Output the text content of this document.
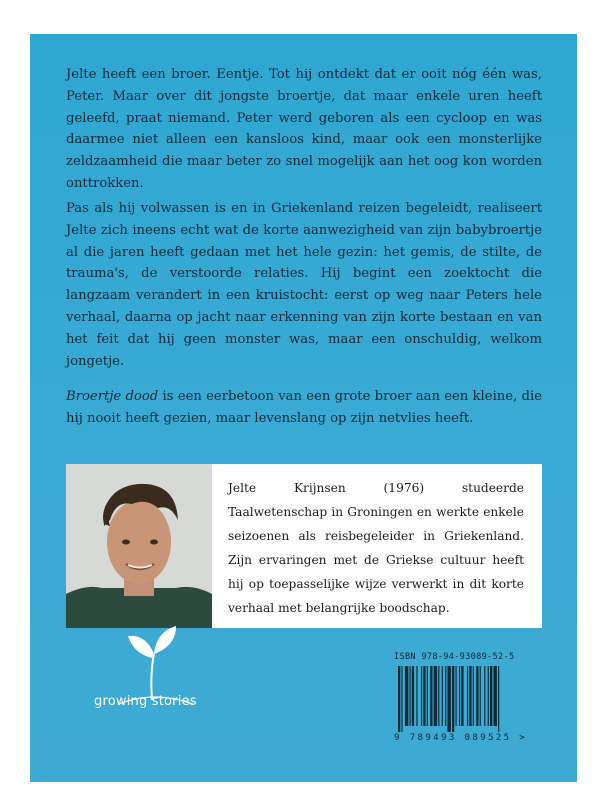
Jelte heeft een broer. Eentje. Tot hij ontdekt dat er ooit nóg één was, Peter. Maar over dit jongste broertje, dat maar enkele uren heeft geleefd, praat niemand. Peter werd geboren als een cycloop en was daarmee niet alleen een kansloos kind, maar ook een monsterlijke zeldzaamheid die maar beter zo snel mogelijk aan het oog kon worden onttrokken.

Pas als hij volwassen is en in Griekenland reizen begeleidt, realiseert Jelte zich ineens echt wat de korte aanwezigheid van zijn babybroertje al die jaren heeft gedaan met het hele gezin: het gemis, de stilte, de trauma's, de verstoorde relaties. Hij begint een zoektocht die langzaam verandert in een kruistocht: eerst op weg naar Peters hele verhaal, daarna op jacht naar erkenning van zijn korte bestaan en van het feit dat hij geen monster was, maar een onschuldig, welkom jongetje.

Broertje dood is een eerbetoon van een grote broer aan een kleine, die hij nooit heeft gezien, maar levenslang op zijn netvlies heeft.

Jelte Krijnsen (1976) studeerde Taalwetenschap in Groningen en werkte enkele seizoenen als reisbegeleider in Griekenland. Zijn ervaringen met de Griekse cultuur heeft hij op toepasselijke wijze verwerkt in dit korte verhaal met belangrijke boodschap.

growing stories
ISBN 978-94-93089-52-5
9 789493 089525 >
